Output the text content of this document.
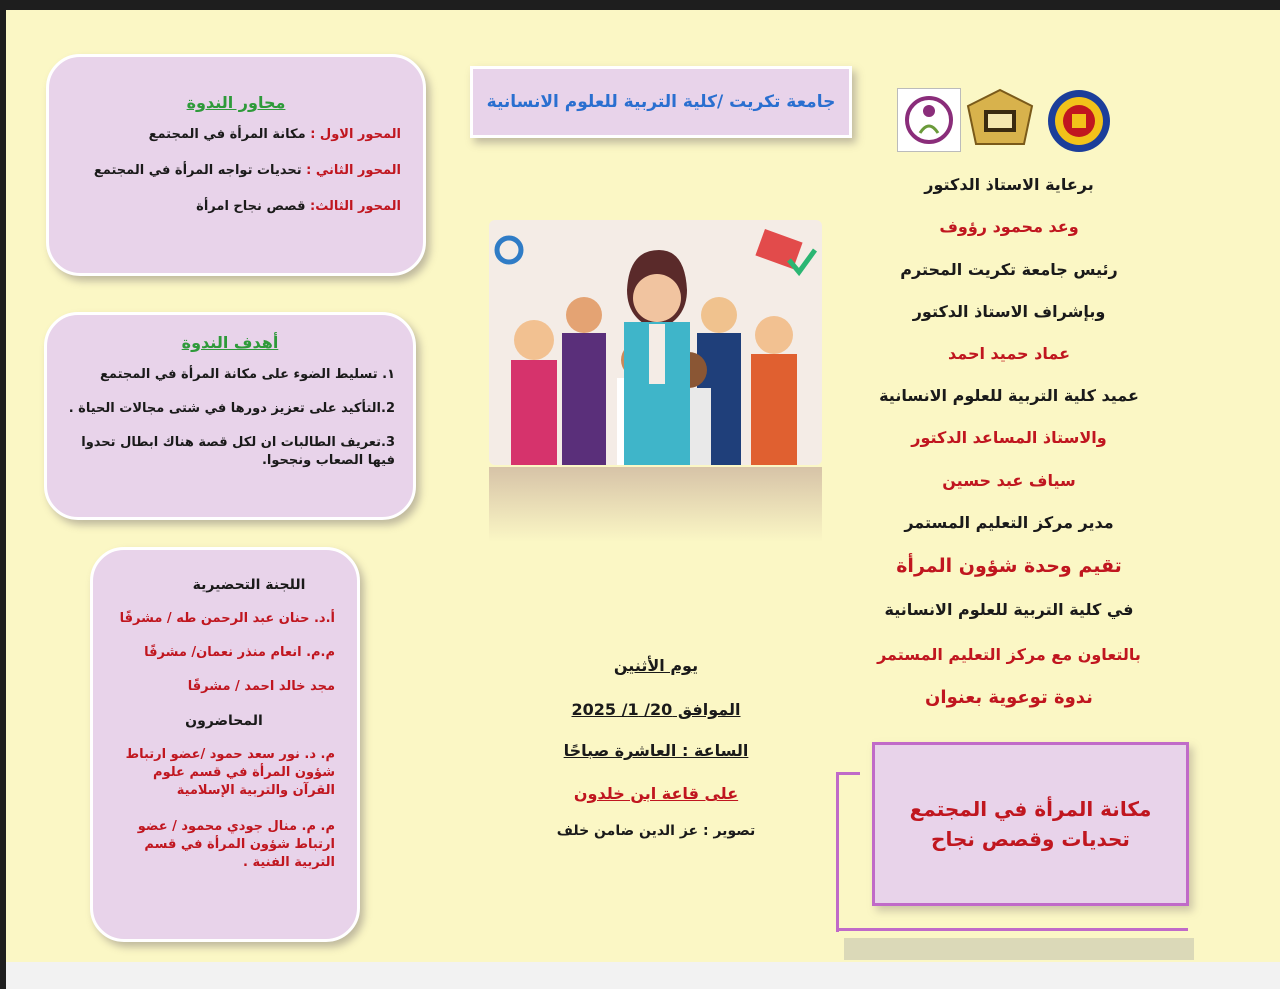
محاور الندوة

المحور الاول : مكانة المرأة في المجتمع
المحور الثاني : تحديات تواجه المرأة في المجتمع
المحور الثالث: قصص نجاح امرأة

أهدف الندوة

١. تسليط الضوء على مكانة المرأة في المجتمع
2.التأكيد على تعزيز دورها في شتى مجالات الحياة .
3.تعريف الطالبات ان لكل قصة هناك ابطال تحدوا فيها الصعاب ونجحوا.
اللجنة التحضيرية
أ.د. حنان عبد الرحمن طه / مشرفًا
م.م. انعام منذر نعمان/ مشرفًا
مجد خالد احمد / مشرفًا
المحاضرون
م. د. نور سعد حمود /عضو ارتباط شؤون المرأة في قسم علوم القرآن والتربية الإسلامية
م. م. منال جودي محمود / عضو ارتباط شؤون المرأة في قسم التربية الفنية .
جامعة تكريت /كلية التربية للعلوم الانسانية
يوم الأثنين
الموافق 20/ 1/ 2025
الساعة : العاشرة صباحًا
على قاعة ابن خلدون
تصوير : عز الدين ضامن خلف
برعاية الاستاذ الدكتور
وعد محمود رؤوف
رئيس جامعة تكريت المحترم
وبإشراف الاستاذ الدكتور
عماد حميد احمد
عميد كلية التربية للعلوم الانسانية
والاستاذ المساعد الدكتور
سياف عبد حسين
مدير مركز التعليم المستمر
تقيم وحدة شؤون المرأة
في كلية التربية للعلوم الانسانية
بالتعاون مع مركز التعليم المستمر
ندوة توعوية بعنوان
مكانة المرأة في المجتمع تحديات وقصص نجاح
